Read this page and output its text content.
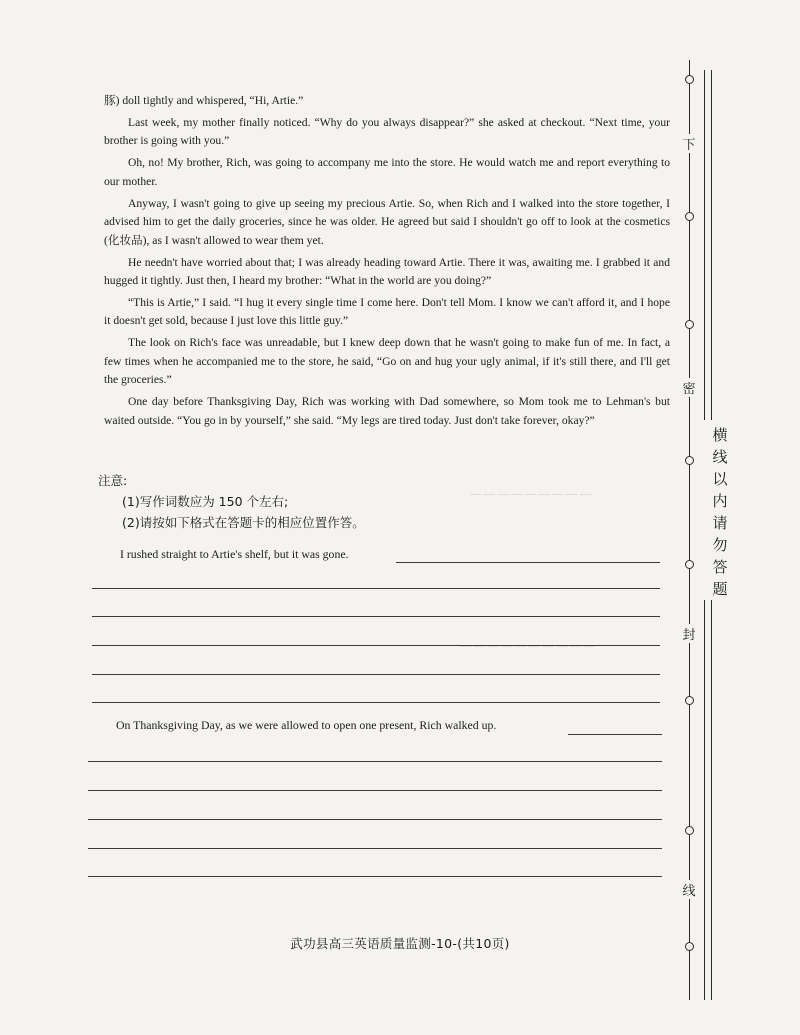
— — — — — — — — —
— — — — — — — — — —

豚) doll tightly and whispered, “Hi, Artie.”

Last week, my mother finally noticed. “Why do you always disappear?” she asked at checkout. “Next time, your brother is going with you.”

Oh, no! My brother, Rich, was going to accompany me into the store. He would watch me and report everything to our mother.

Anyway, I wasn't going to give up seeing my precious Artie. So, when Rich and I walked into the store together, I advised him to get the daily groceries, since he was older. He agreed but said I shouldn't go off to look at the cosmetics (化妆品), as I wasn't allowed to wear them yet.

He needn't have worried about that; I was already heading toward Artie. There it was, awaiting me. I grabbed it and hugged it tightly. Just then, I heard my brother: “What in the world are you doing?”

“This is Artie,” I said. “I hug it every single time I come here. Don't tell Mom. I know we can't afford it, and I hope it doesn't get sold, because I just love this little guy.”

The look on Rich's face was unreadable, but I knew deep down that he wasn't going to make fun of me. In fact, a few times when he accompanied me to the store, he said, “Go on and hug your ugly animal, if it's still there, and I'll get the groceries.”

One day before Thanksgiving Day, Rich was working with Dad somewhere, so Mom took me to Lehman's but waited outside. “You go in by yourself,” she said. “My legs are tired today. Just don't take forever, okay?”

注意:
(1)写作词数应为 150 个左右;
(2)请按如下格式在答题卡的相应位置作答。
I rushed straight to Artie's shelf, but it was gone.
On Thanksgiving Day, as we were allowed to open one present, Rich walked up.
武功县高三英语质量监测-10-(共10页)
下
密
封
线
横
线
以
内
请
勿
答
题
